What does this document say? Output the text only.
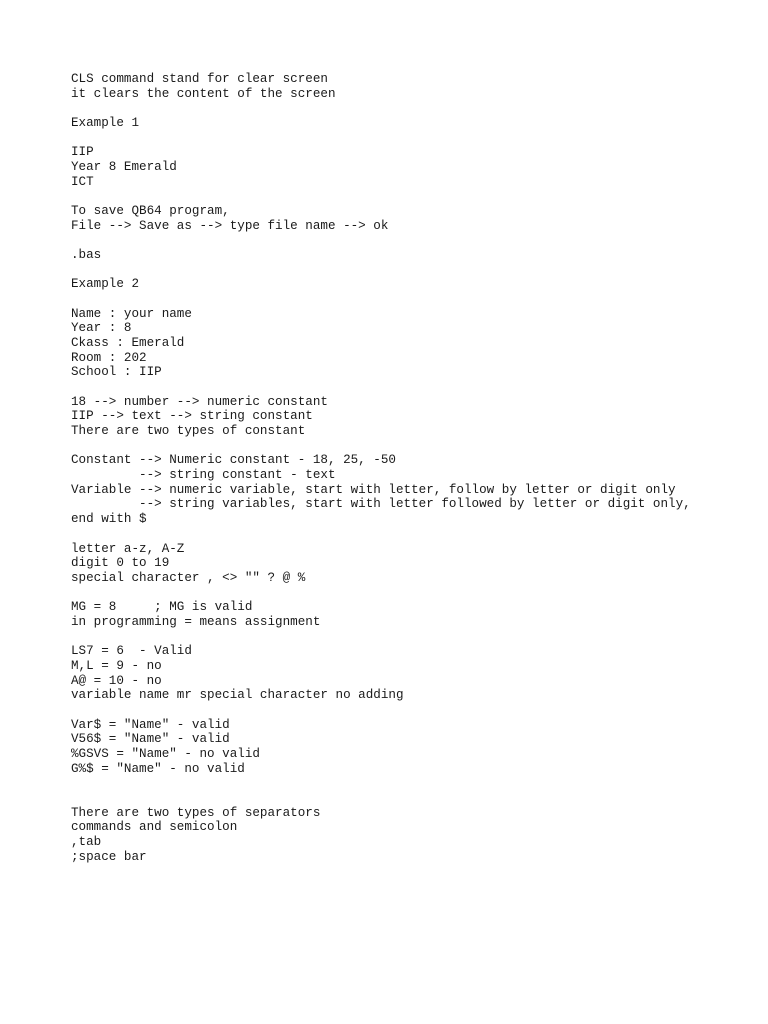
CLS command stand for clear screen
it clears the content of the screen
Example 1
IIP
Year 8 Emerald
ICT
To save QB64 program,
File --> Save as --> type file name --> ok
.bas
Example 2
Name : your name
Year : 8
Ckass : Emerald
Room : 202
School : IIP
18 --> number --> numeric constant
IIP --> text --> string constant
There are two types of constant
Constant --> Numeric constant - 18, 25, -50
--> string constant - text
Variable --> numeric variable, start with letter, follow by letter or digit only
--> string variables, start with letter followed by letter or digit only,
end with $
letter a-z, A-Z
digit 0 to 19
special character , <> "" ? @ %
MG = 8     ; MG is valid
in programming = means assignment
LS7 = 6  - Valid
M,L = 9 - no
A@ = 10 - no
variable name mr special character no adding
Var$ = "Name" - valid
V56$ = "Name" - valid
%GSVS = "Name" - no valid
G%$ = "Name" - no valid
There are two types of separators
commands and semicolon
,tab
;space bar
